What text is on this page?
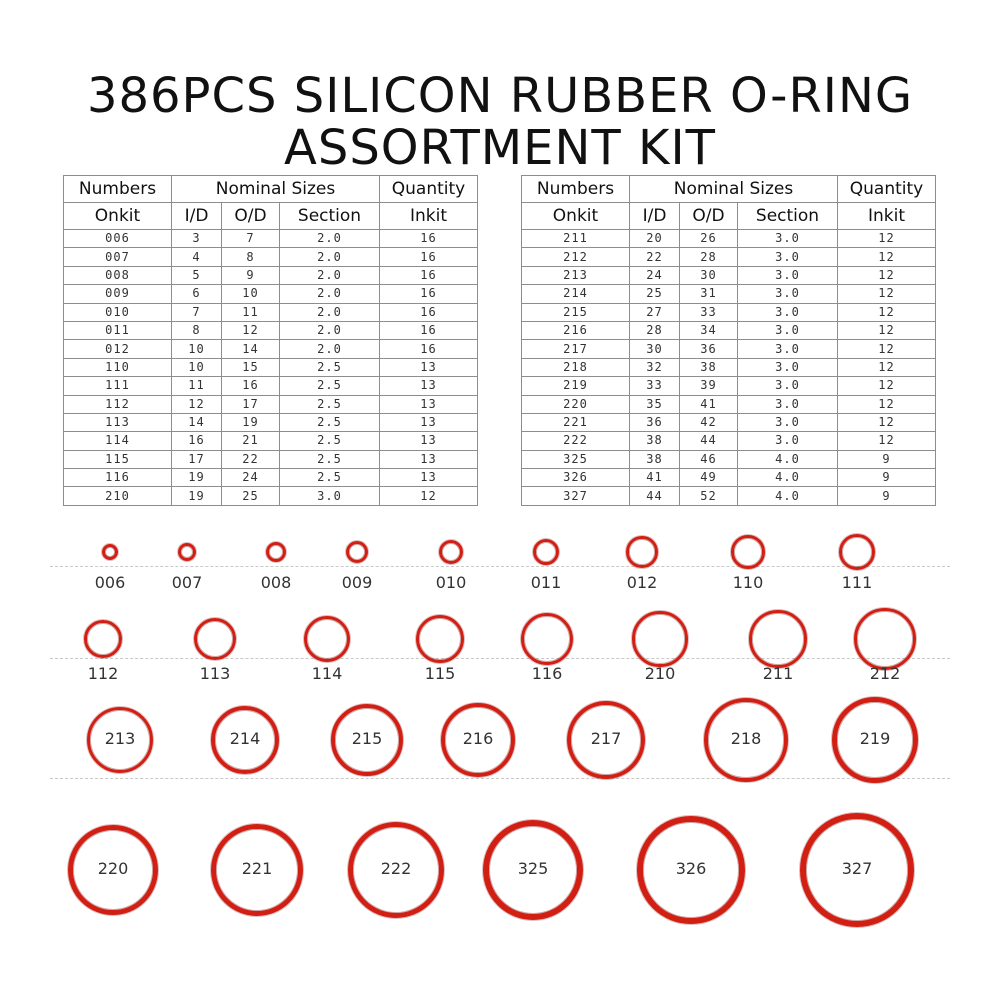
386PCS SILICON RUBBER O-RING
ASSORTMENT KIT
Numbers	Nominal Sizes			Quantity
Onkit	I/D	O/D	Section	Inkit
006	3	7	2.0	16
007	4	8	2.0	16
008	5	9	2.0	16
009	6	10	2.0	16
010	7	11	2.0	16
011	8	12	2.0	16
012	10	14	2.0	16
110	10	15	2.5	13
111	11	16	2.5	13
112	12	17	2.5	13
113	14	19	2.5	13
114	16	21	2.5	13
115	17	22	2.5	13
116	19	24	2.5	13
210	19	25	3.0	12
Numbers	Nominal Sizes			Quantity
Onkit	I/D	O/D	Section	Inkit
211	20	26	3.0	12
212	22	28	3.0	12
213	24	30	3.0	12
214	25	31	3.0	12
215	27	33	3.0	12
216	28	34	3.0	12
217	30	36	3.0	12
218	32	38	3.0	12
219	33	39	3.0	12
220	35	41	3.0	12
221	36	42	3.0	12
222	38	44	3.0	12
325	38	46	4.0	9
326	41	49	4.0	9
327	44	52	4.0	9
006	007	008	009	010	011	012	110	111
112	113	114	115	116	210	211	212
213	214	215	216	217	218	219
220	221	222	325	326	327
